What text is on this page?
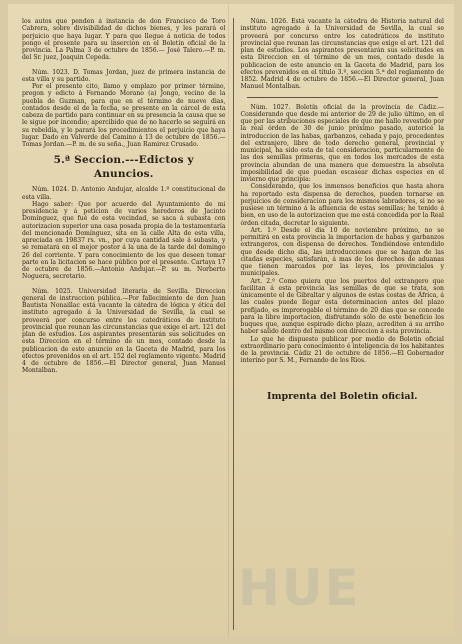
los autos que penden á instancia de don Francisco de Toro Cabrera, sobre divisibilidad de dichos bienes, y les parará el perjuicio que haya lugar. Y para que llegue á noticia de todos pongo el presente para su insercion en el Boletin oficial de la provincia. La Palma 3 de octubre de 1856.— José Talero.—P. m. del Sr. juez, Joaquin Cepeda.

Núm. 1023. D. Tomas Jordan, juez de primera instancia de esta villa y su partido.

Por el presente cito, llamo y emplazo por primer término, pregon y edicto á Fernando Morano (a) Jongo, vecino de la puebla de Guzman, para que en el término de nueve dias, contados desde el de la fecha, se presente en la cárcel de esta cabeza de partido para continuar en su presencia la causa que se le sigue por incendio; apercibido que de no hacerlo se seguirá en su rebeldía, y le parará los procedimientos el perjuicio que haya lugar. Dado en Valverde del Camino á 13 de octubre de 1856.—Tomas Jordan.—P. m. de su seña., Juan Ramirez Crusado.

5.ª Seccion.---Edictos y Anuncios.

Núm. 1024. D. Antonio Andujar, alcalde 1.º constitucional de esta villa.

Hago saber: Que por acuerdo del Ayuntamiento de mi presidencia y á peticion de varios herederos de Jacinto Domínguez, que fué de esta vecindad, se saca á subasta con autorizacion superior una casa posada propia de la testamentaría del mencionado Domínguez, sita en la calle Alta de esta villa, apreciada en 19837 rs. vn., por cuya cantidad sale á subasta, y se rematará en el mejor postor á la una de la tarde del domingo 26 del corriente. Y para conocimiento de los que deseen tomar parte en la licitacion se hace público por el presente. Cartaya 17 de octubre de 1856.—Antonio Andujar.—P. su m. Norberto Noguera, secretario.

Núm. 1025. Universidad literaria de Sevilla. Direccion general de instruccion pública.—Por fallecimiento de don Juan Bautista Nonaillac está vacante la cátedra de lógica y ética del instituto agregado á la Universidad de Sevilla, la cual se proveerá por concurso entre los catedráticos de instituto provincial que reunan las circunstancias que exige el art. 121 del plan de estudios. Los aspirantes presentarán sus solicitudes en esta Direccion en el término de un mes, contado desde la publicacion de este anuncio en la Gaceta de Madrid, para los efectos prevenidos en el art. 152 del reglamento vigente. Madrid 4 de octubre de 1856.—El Director general, Juan Manuel Montalban.

Núm. 1026. Está vacante la cátedra de Historia natural del instituto agregado á la Universidad de Sevilla, la cual se proveerá por concurso entre los catedráticos de instituto provincial que reunan las circunstancias que exige el art. 121 del plan de estudios. Los aspirantes presentarán sus solicitudes en esta Direccion en el término de un mes, contado desde la publicacion de este anuncio en la Gaceta de Madrid, para los efectos prevenidos en el título 3.º, seccion 5.ª del reglamento de 1852. Madrid 4 de octubre de 1856.—El Director general, Juan Manuel Montalban.

Núm. 1027. Boletín oficial de la provincia de Cádiz.—Considerando que desde mi anterior de 29 de julio último, en el que por las atribuciones especiales de que me hallo revestido por la real órden de 30 de junio próximo pasado, autoricé la introduccion de las habas, garbanzos, cebada y pajo, procedentes del extranjero, libre de todo derecho general, provincial y municipal, ha sido esta de tal consideracion, particularmente de las dos semillas primeras, que en todos los mercados de esta provincia abundan de una manera que demuestra la absoluta imposibilidad de que puedan escasear dichas especies en el invierno que principia:

Considerando, que los inmensos beneficios que hasta ahora ha reportado esta dispensa de derechos, pueden tornarse en perjuicios de consideracion para los mismos labradores, si no se pusiese un término á la afluencia de estas semillas; he tenido á bien, en uso de la autorizacion que me está concedida por la Real órden citada, decretar lo siguiente.

Art. 1.º Desde el dia 10 de noviembre próximo, no se permitirá en esta provincia la importacion de habas y garbanzos extrangeros, con dispensa de derechos. Tendiéndose entendido que desde dicho dia, las introducciones que se hagan de las citadas especies, satisfarán, á mas de los derechos de aduanas que tienen marcados por las leyes, los provinciales y municipales.

Art. 2.º Como quiera que los puertos del extrangero que facilitan á esta provincia las semillas de que se trata, son únicamente el de Gibraltar y algunos de estas costas de África, á las cuales puede llegar esta determinacion antes del plazo prefijado, es improrogable el término de 20 dias que se concede para la libre importacion, disfrutando sólo de este beneficio los buques que, aunque espirado dicho plazo, acrediten á su arribo haber salido dentro del mismo con direccion á esta provincia.

Lo que he dispuesto publicar por medio de Boletin oficial extraordinario para conocimiento é inteligencia de los habitantes de la provincia. Cádiz 21 de octubre de 1856.—El Gobernador interino por S. M., Fernando de los Rios.

Imprenta del Boletin oficial.
HUE
